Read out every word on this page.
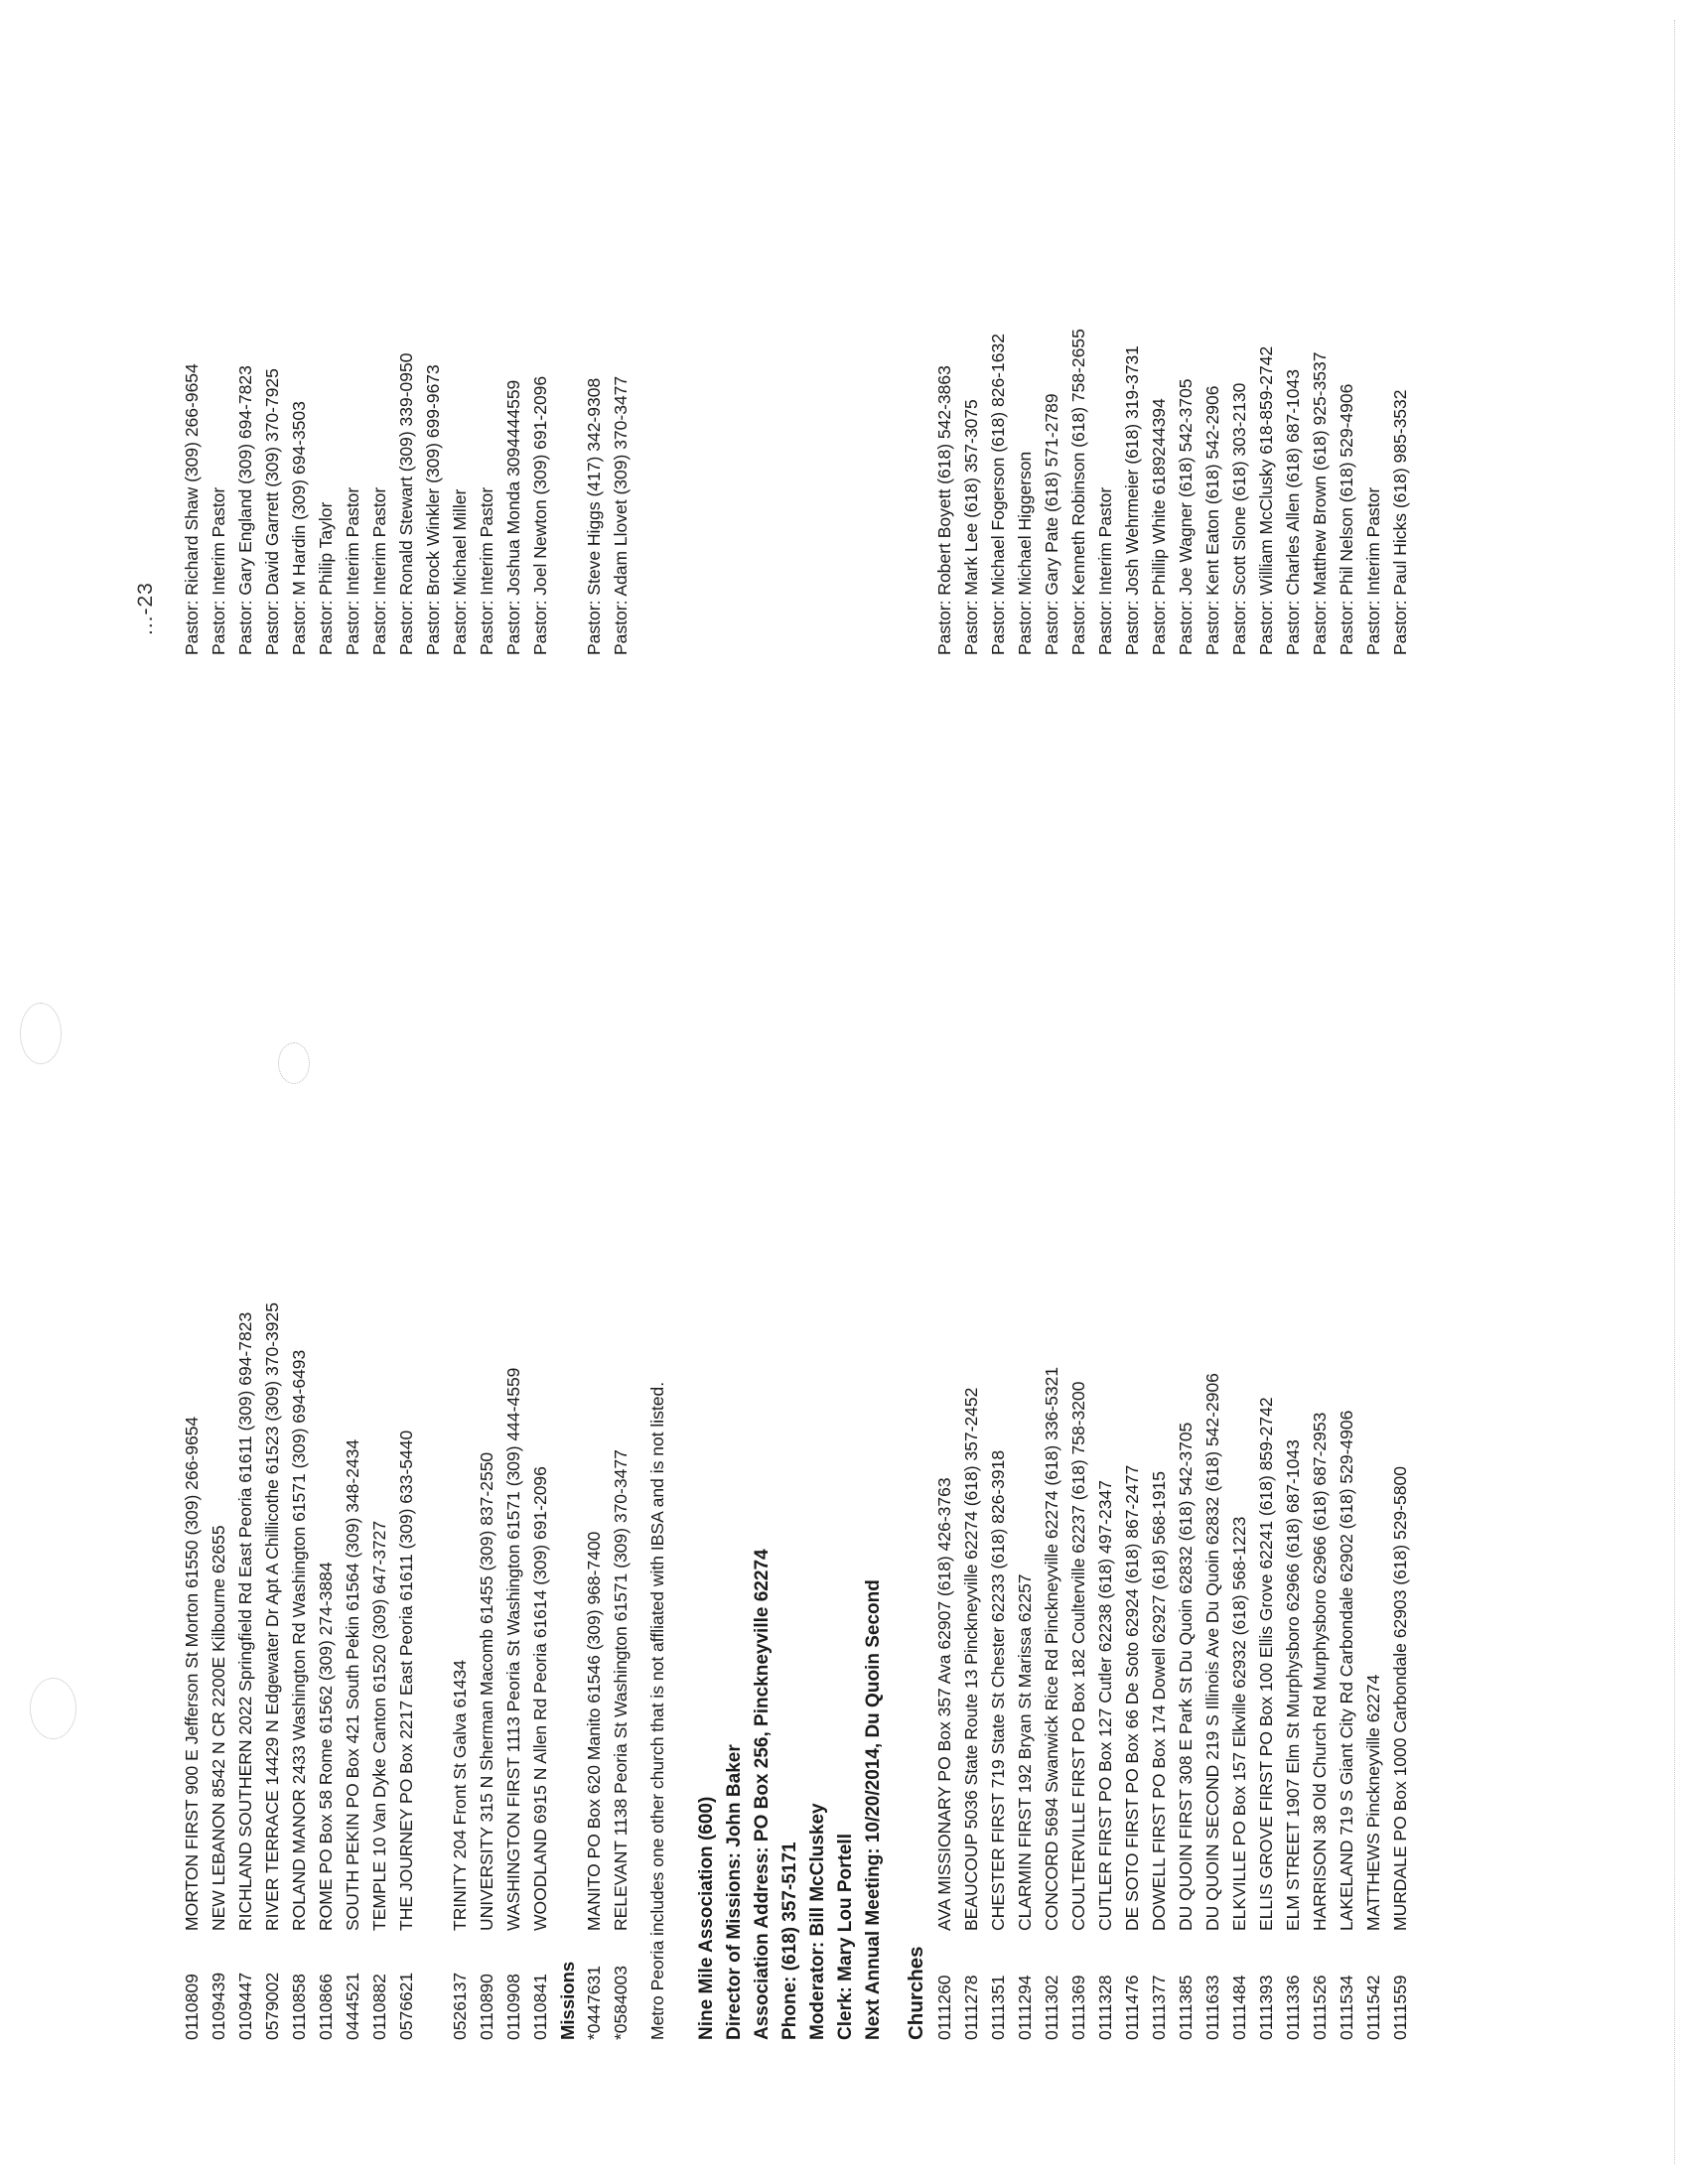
0110809
MORTON FIRST 900 E Jefferson St Morton 61550 (309) 266-9654
0109439
NEW LEBANON 8542 N CR 2200E Kilbourne 62655
0109447
RICHLAND SOUTHERN 2022 Springfield Rd East Peoria 61611 (309) 694-7823
0579002
RIVER TERRACE 14429 N Edgewater Dr Apt A Chillicothe 61523 (309) 370-3925
0110858
ROLAND MANOR 2433 Washington Rd Washington 61571 (309) 694-6493
0110866
ROME PO Box 58 Rome 61562 (309) 274-3884
0444521
SOUTH PEKIN PO Box 421 South Pekin 61564 (309) 348-2434
0110882
TEMPLE 10 Van Dyke Canton 61520 (309) 647-3727
0576621
THE JOURNEY PO Box 2217 East Peoria 61611 (309) 633-5440
0526137
TRINITY 204 Front St Galva 61434
0110890
UNIVERSITY 315 N Sherman Macomb 61455 (309) 837-2550
0110908
WASHINGTON FIRST 1113 Peoria St Washington 61571 (309) 444-4559
0110841
WOODLAND 6915 N Allen Rd Peoria 61614 (309) 691-2096
Missions *0447631
MANITO PO Box 620 Manito 61546 (309) 968-7400
*0584003
RELEVANT 1138 Peoria St Washington 61571 (309) 370-3477 Metro Peoria includes one other church that is not affliated with IBSA and is not listed. Nine Mile Association (600) Director of Missions: John Baker Association Address: PO Box 256, Pinckneyville 62274 Phone: (618) 357-5171 Moderator: Bill McCluskey Clerk: Mary Lou Portell Next Annual Meeting: 10/20/2014, Du Quoin Second Churches 0111260
AVA MISSIONARY PO Box 357 Ava 62907 (618) 426-3763
0111278
BEAUCOUP 5036 State Route 13 Pinckneyville 62274 (618) 357-2452
0111351
CHESTER FIRST 719 State St Chester 62233 (618) 826-3918
0111294
CLARMIN FIRST 192 Bryan St Marissa 62257
0111302
CONCORD 5694 Swanwick Rice Rd Pinckneyville 62274 (618) 336-5321
0111369
COULTERVILLE FIRST PO Box 182 Coulterville 62237 (618) 758-3200
0111328
CUTLER FIRST PO Box 127 Cutler 62238 (618) 497-2347
0111476
DE SOTO FIRST PO Box 66 De Soto 62924 (618) 867-2477
0111377
DOWELL FIRST PO Box 174 Dowell 62927 (618) 568-1915
0111385
DU QUOIN FIRST 308 E Park St Du Quoin 62832 (618) 542-3705
0111633
DU QUOIN SECOND 219 S Illinois Ave Du Quoin 62832 (618) 542-2906
0111484
ELKVILLE PO Box 157 Elkville 62932 (618) 568-1223
0111393
ELLIS GROVE FIRST PO Box 100 Ellis Grove 62241 (618) 859-2742
0111336
ELM STREET 1907 Elm St Murphysboro 62966 (618) 687-1043
0111526
HARRISON 38 Old Church Rd Murphysboro 62966 (618) 687-2953
0111534
LAKELAND 719 S Giant City Rd Carbondale 62902 (618) 529-4906
0111542
MATTHEWS Pinckneyville 62274
0111559
MURDALE PO Box 1000 Carbondale 62903 (618) 529-5800
Pastor: Richard Shaw (309) 266-9654 Pastor: Interim Pastor Pastor: Gary England (309) 694-7823 Pastor: David Garrett (309) 370-7925 Pastor: M Hardin (309) 694-3503 Pastor: Philip Taylor Pastor: Interim Pastor Pastor: Interim Pastor Pastor: Ronald Stewart (309) 339-0950 Pastor: Brock Winkler (309) 699-9673 Pastor: Michael Miller Pastor: Interim Pastor Pastor: Joshua Monda 3094444559 Pastor: Joel Newton (309) 691-2096 Pastor: Steve Higgs (417) 342-9308 Pastor: Adam Llovet (309) 370-3477	Pastor: Robert Boyett (618) 542-3863 Pastor: Mark Lee (618) 357-3075 Pastor: Michael Fogerson (618) 826-1632 Pastor: Michael Higgerson Pastor: Gary Pate (618) 571-2789 Pastor: Kenneth Robinson (618) 758-2655 Pastor: Interim Pastor Pastor: Josh Wehrmeier (618) 319-3731 Pastor: Phillip White 6189244394 Pastor: Joe Wagner (618) 542-3705 Pastor: Kent Eaton (618) 542-2906 Pastor: Scott Slone (618) 303-2130 Pastor: William McClusky 618-859-2742 Pastor: Charles Allen (618) 687-1043 Pastor: Matthew Brown (618) 925-3537 Pastor: Phil Nelson (618) 529-4906 Pastor: Interim Pastor Pastor: Paul Hicks (618) 985-3532
...-23
